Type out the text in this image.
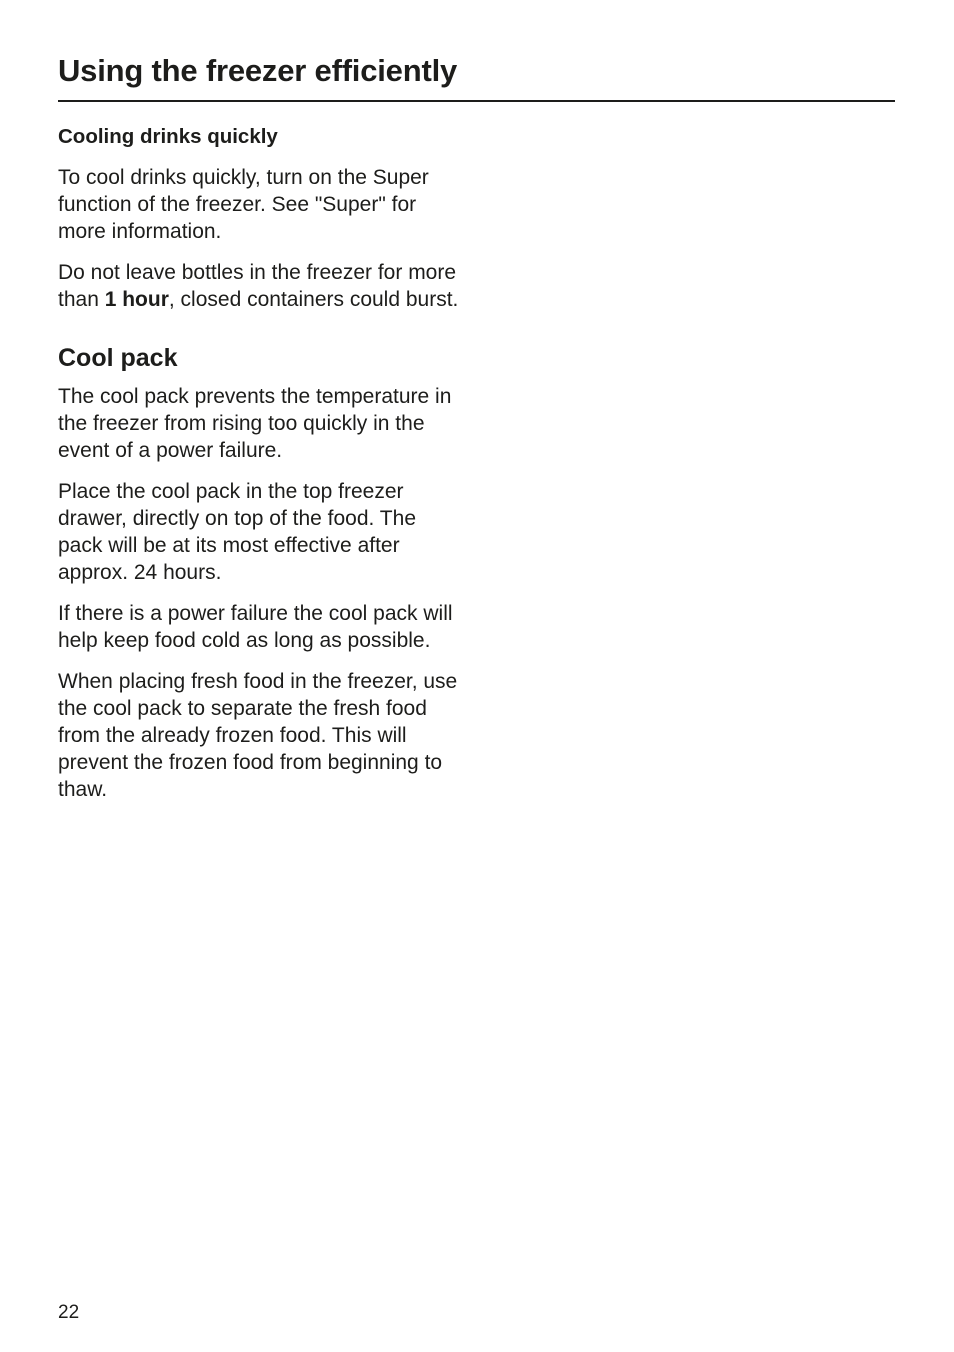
Using the freezer efficiently
Cooling drinks quickly

To cool drinks quickly, turn on the Super function of the freezer. See "Super" for more information.

Do not leave bottles in the freezer for more than 1 hour, closed containers could burst.

Cool pack

The cool pack prevents the temperature in the freezer from rising too quickly in the event of a power failure.

Place the cool pack in the top freezer drawer, directly on top of the food. The pack will be at its most effective after approx. 24 hours.

If there is a power failure the cool pack will help keep food cold as long as possible.

When placing fresh food in the freezer, use the cool pack to separate the fresh food from the already frozen food. This will prevent the frozen food from beginning to thaw.

22
